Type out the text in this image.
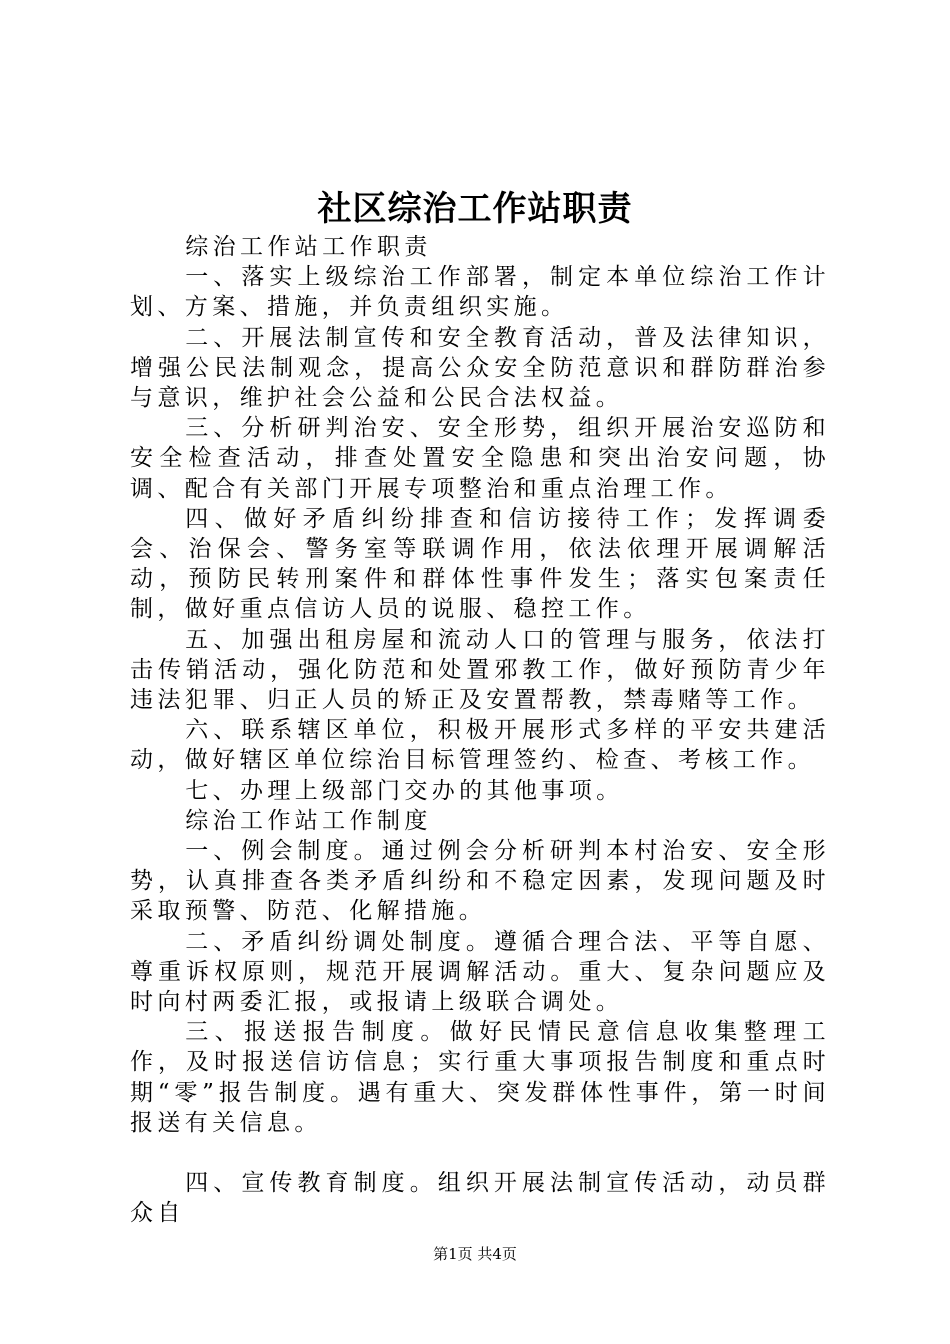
社区综治工作站职责

综治工作站工作职责

一、落实上级综治工作部署，制定本单位综治工作计划、方案、措施，并负责组织实施。

二、开展法制宣传和安全教育活动，普及法律知识，增强公民法制观念，提高公众安全防范意识和群防群治参与意识，维护社会公益和公民合法权益。

三、分析研判治安、安全形势，组织开展治安巡防和安全检查活动，排查处置安全隐患和突出治安问题，协调、配合有关部门开展专项整治和重点治理工作。

四、做好矛盾纠纷排查和信访接待工作；发挥调委会、治保会、警务室等联调作用，依法依理开展调解活动，预防民转刑案件和群体性事件发生；落实包案责任制，做好重点信访人员的说服、稳控工作。

五、加强出租房屋和流动人口的管理与服务，依法打击传销活动，强化防范和处置邪教工作，做好预防青少年违法犯罪、归正人员的矫正及安置帮教，禁毒赌等工作。

六、联系辖区单位，积极开展形式多样的平安共建活动，做好辖区单位综治目标管理签约、检查、考核工作。

七、办理上级部门交办的其他事项。

综治工作站工作制度

一、例会制度。通过例会分析研判本村治安、安全形势，认真排查各类矛盾纠纷和不稳定因素，发现问题及时采取预警、防范、化解措施。

二、矛盾纠纷调处制度。遵循合理合法、平等自愿、尊重诉权原则，规范开展调解活动。重大、复杂问题应及时向村两委汇报，或报请上级联合调处。

三、报送报告制度。做好民情民意信息收集整理工作，及时报送信访信息；实行重大事项报告制度和重点时期“零”报告制度。遇有重大、突发群体性事件，第一时间报送有关信息。

四、宣传教育制度。组织开展法制宣传活动，动员群众自

第1页 共4页
